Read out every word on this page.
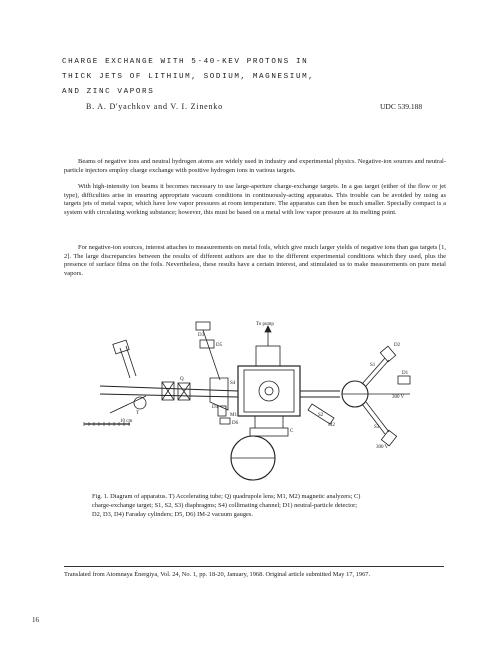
CHARGE EXCHANGE WITH 5-40-KEV PROTONS IN
THICK JETS OF LITHIUM, SODIUM, MAGNESIUM,
AND ZINC VAPORS
B. A. D'yachkov and V. I. Zinenko	UDC 539.188
Beams of negative ions and neutral hydrogen atoms are widely used in industry and experimental physics. Negative-ion sources and neutral-particle injectors employ charge exchange with positive hydrogen ions in various targets.
With high-intensity ion beams it becomes necessary to use large-aperture charge-exchange targets. In a gas target (either of the flow or jet type), difficulties arise in ensuring appropriate vacuum conditions in continuously-acting apparatus. This trouble can be avoided by using as targets jets of metal vapor, which have low vapor pressures at room temperature. The apparatus can then be much smaller. Specially compact is a system with circulating working substance; however, this must be based on a metal with low vapor pressure at its melting point.
For negative-ion sources, interest attaches to measurements on metal foils, which give much larger yields of negative ions than gas targets [1, 2]. The large discrepancies between the results of different authors are due to the different experimental conditions which they used, plus the presence of surface films on the foils. Nevertheless, these results have a certain interest, and stimulated us to make measurements on pure metal vapors.
To pump
D5
D3
D2
D1
D4
D6
Q
T
S1
S2
S3
S4
M1
M2
C
300 V
300 V
10 cm
Fig. 1. Diagram of apparatus. T) Accelerating tube; Q) quadrupole lens; M1, M2) magnetic analyzers; C) charge-exchange target; S1, S2, S3) diaphragms; S4) collimating channel; D1) neutral-particle detector; D2, D3, D4) Faraday cylinders; D5, D6) IM-2 vacuum gauges.
Translated from Atomnaya Énergiya, Vol. 24, No. 1, pp. 18-20, January, 1968. Original article submitted May 17, 1967.
16
